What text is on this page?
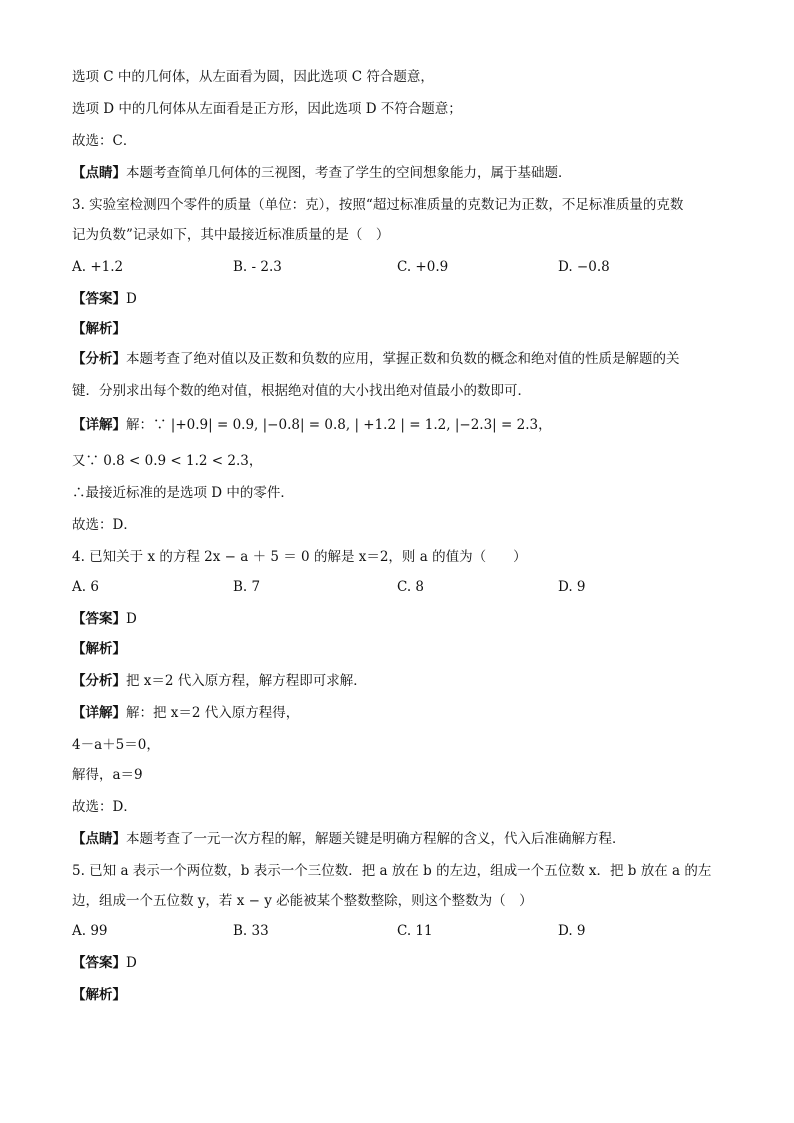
选项 C 中的几何体，从左面看为圆，因此选项 C 符合题意，
选项 D 中的几何体从左面看是正方形，因此选项 D 不符合题意；
故选：C．
【点睛】本题考查简单几何体的三视图，考查了学生的空间想象能力，属于基础题．
3. 实验室检测四个零件的质量（单位：克），按照“超过标准质量的克数记为正数，不足标准质量的克数
记为负数”记录如下，其中最接近标准质量的是（　）
A. +1.2	B. - 2.3	C. +0.9	D. −0.8
【答案】D
【解析】
【分析】本题考查了绝对值以及正数和负数的应用，掌握正数和负数的概念和绝对值的性质是解题的关
键．分别求出每个数的绝对值，根据绝对值的大小找出绝对值最小的数即可．
【详解】解：∵ |+0.9| = 0.9, |−0.8| = 0.8, | +1.2 | = 1.2, |−2.3| = 2.3，
又∵ 0.8 < 0.9 < 1.2 < 2.3，
∴最接近标准的是选项 D 中的零件．
故选：D．
4. 已知关于 x 的方程 2x − a ＋ 5 ＝ 0 的解是 x＝2，则 a 的值为（　　）
A. 6	B. 7	C. 8	D. 9
【答案】D
【解析】
【分析】把 x＝2 代入原方程，解方程即可求解．
【详解】解：把 x＝2 代入原方程得，
4－a＋5＝0，
解得，a＝9
故选：D．
【点睛】本题考查了一元一次方程的解，解题关键是明确方程解的含义，代入后准确解方程．
5. 已知 a 表示一个两位数，b 表示一个三位数．把 a 放在 b 的左边，组成一个五位数 x．把 b 放在 a 的左
边，组成一个五位数 y，若 x − y 必能被某个整数整除，则这个整数为（　）
A. 99	B. 33	C. 11	D. 9
【答案】D
【解析】
